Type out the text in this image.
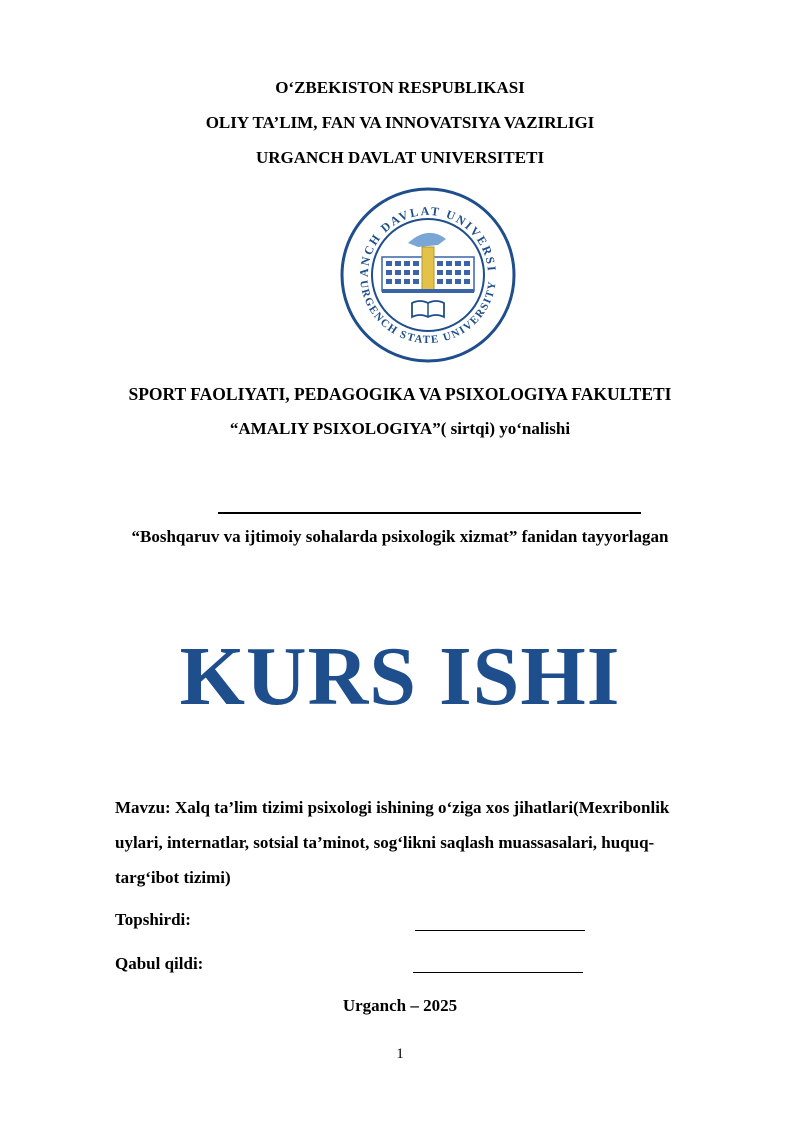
O‘ZBEKISTON RESPUBLIKASI
OLIY TA’LIM, FAN VA INNOVATSIYA VAZIRLIGI
URGANCH DAVLAT UNIVERSITETI
ANCH DAVLAT UNIVERSI
URGENCH STATE UNIVERSITY
SPORT FAOLIYATI, PEDAGOGIKA VA PSIXOLOGIYA FAKULTETI
“AMALIY PSIXOLOGIYA”( sirtqi) yo‘nalishi
“Boshqaruv va ijtimoiy sohalarda psixologik xizmat” fanidan tayyorlagan
KURS ISHI
Mavzu: Xalq ta’lim tizimi psixologi ishining o‘ziga xos jihatlari(Mexribonlik
uylari, internatlar, sotsial ta’minot, sog‘likni saqlash muassasalari, huquq-
targ‘ibot tizimi)
Topshirdi:
Qabul qildi:
Urganch – 2025
1
